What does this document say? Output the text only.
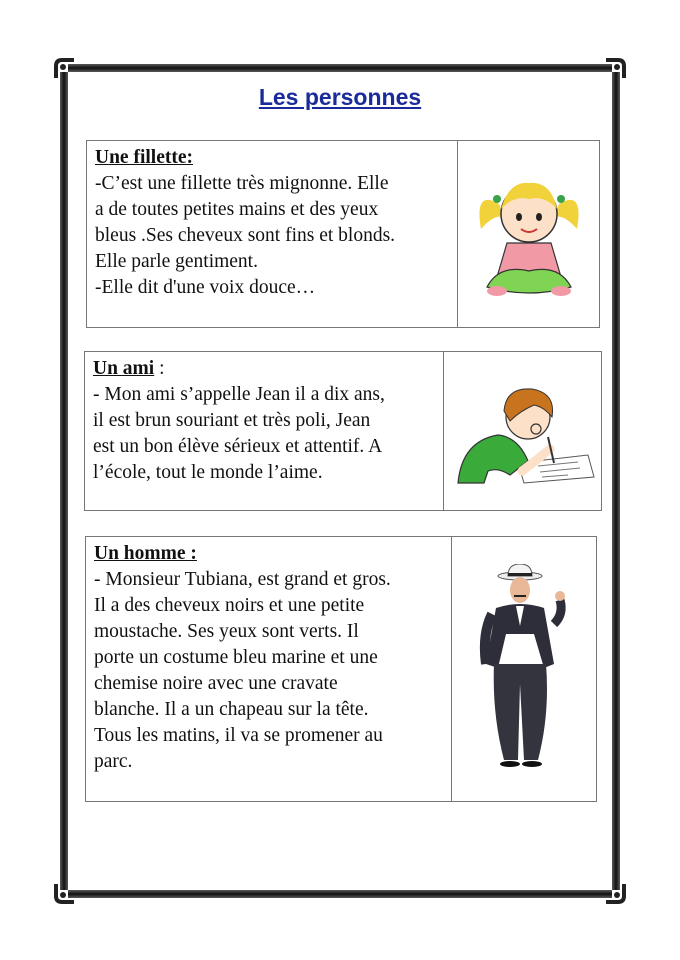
Les personnes
Une fillette:
-C’est une fillette très mignonne. Elle
a de toutes petites mains et des yeux
bleus .Ses cheveux sont fins et blonds.
Elle parle gentiment.
-Elle dit d'une voix douce…
Un ami :
- Mon ami s’appelle Jean il a dix ans,
il est brun souriant et très poli, Jean
est un bon élève sérieux et attentif. A
l’école, tout le monde l’aime.
Un homme :
- Monsieur Tubiana, est grand et gros.
Il a des cheveux noirs et une petite
moustache. Ses yeux sont verts. Il
porte un costume bleu marine et une
chemise noire avec une cravate
blanche. Il a un chapeau sur la tête.
Tous les matins, il va se promener au
parc.
